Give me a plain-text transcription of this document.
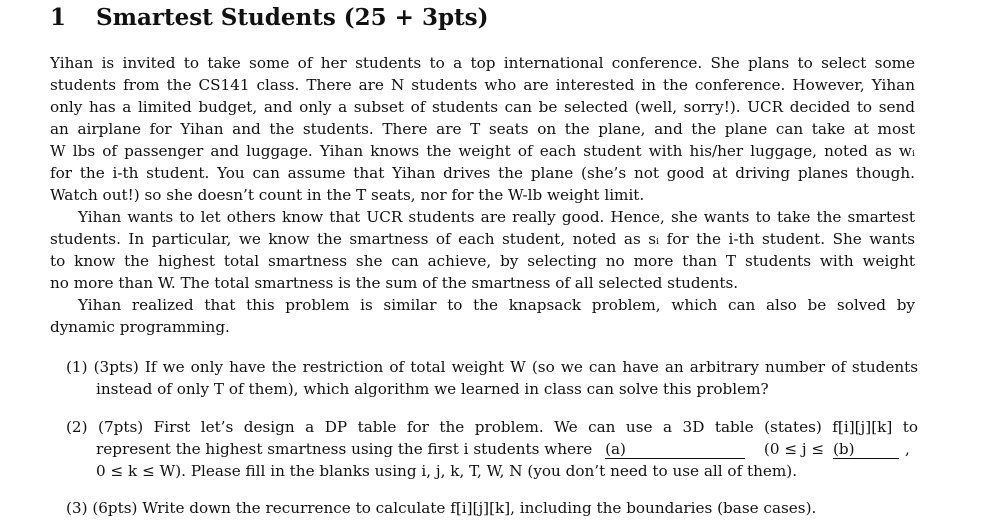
1 Smartest Students (25 + 3pts)
Yihan is invited to take some of her students to a top international conference. She plans to select some
students from the CS141 class. There are N students who are interested in the conference. However, Yihan
only has a limited budget, and only a subset of students can be selected (well, sorry!). UCR decided to send
an airplane for Yihan and the students. There are T seats on the plane, and the plane can take at most
W lbs of passenger and luggage. Yihan knows the weight of each student with his/her luggage, noted as wᵢ
for the i-th student. You can assume that Yihan drives the plane (she’s not good at driving planes though.
Watch out!) so she doesn’t count in the T seats, nor for the W-lb weight limit.
Yihan wants to let others know that UCR students are really good. Hence, she wants to take the smartest
students. In particular, we know the smartness of each student, noted as sᵢ for the i-th student. She wants
to know the highest total smartness she can achieve, by selecting no more than T students with weight
no more than W. The total smartness is the sum of the smartness of all selected students.
Yihan realized that this problem is similar to the knapsack problem, which can also be solved by
dynamic programming.
(1) (3pts) If we only have the restriction of total weight W (so we can have an arbitrary number of students
instead of only T of them), which algorithm we learned in class can solve this problem?
(2) (7pts) First let’s design a DP table for the problem. We can use a 3D table (states) f[i][j][k] to
represent the highest smartness using the first i students where (a)	(0 ≤ j ≤ (b)	,
0 ≤ k ≤ W). Please fill in the blanks using i, j, k, T, W, N (you don’t need to use all of them).
(3) (6pts) Write down the recurrence to calculate f[i][j][k], including the boundaries (base cases).
